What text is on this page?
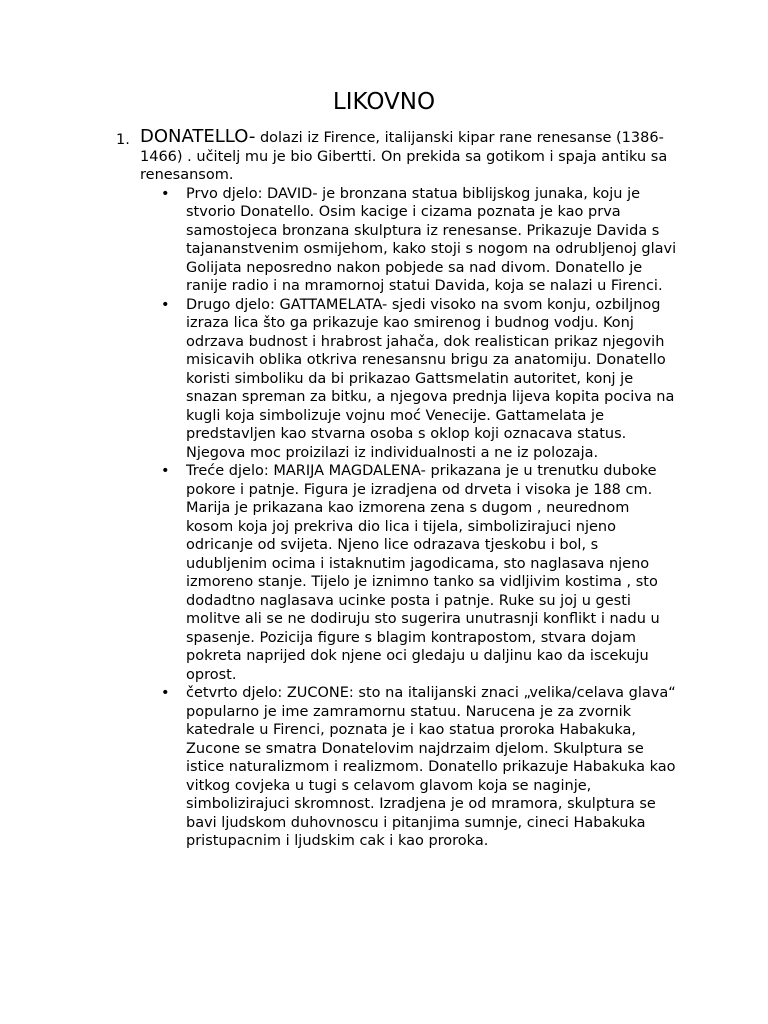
LIKOVNO
1. DONATELLO- dolazi iz Firence, italijanski kipar rane renesanse (1386-1466) . učitelj mu je bio Gibertti. On prekida sa gotikom i spaja antiku sa renesansom.

• Prvo djelo: DAVID- je bronzana statua biblijskog junaka, koju je stvorio Donatello. Osim kacige i cizama poznata je kao prva samostojeca bronzana skulptura iz renesanse. Prikazuje Davida s tajananstvenim osmijehom, kako stoji s nogom na odrubljenoj glavi Golijata neposredno nakon pobjede sa nad divom. Donatello je ranije radio i na mramornoj statui Davida, koja se nalazi u Firenci.

• Drugo djelo: GATTAMELATA- sjedi visoko na svom konju, ozbiljnog izraza lica što ga prikazuje kao smirenog i budnog vodju. Konj odrzava budnost i hrabrost jahača, dok realistican prikaz njegovih misicavih oblika otkriva renesansnu brigu za anatomiju. Donatello koristi simboliku da bi prikazao Gattsmelatin autoritet, konj je snazan spreman za bitku, a njegova prednja lijeva kopita pociva na kugli koja simbolizuje vojnu moć Venecije. Gattamelata je predstavljen kao stvarna osoba s oklop koji oznacava status. Njegova moc proizilazi iz individualnosti a ne iz polozaja.

• Treće djelo: MARIJA MAGDALENA- prikazana je u trenutku duboke pokore i patnje. Figura je izradjena od drveta i visoka je 188 cm. Marija je prikazana kao izmorena zena s dugom , neurednom kosom koja joj prekriva dio lica i tijela, simbolizirajuci njeno odricanje od svijeta. Njeno lice odrazava tjeskobu i bol, s udubljenim ocima i istaknutim jagodicama, sto naglasava njeno izmoreno stanje. Tijelo je iznimno tanko sa vidljivim kostima , sto dodadtno naglasava ucinke posta i patnje. Ruke su joj u gesti molitve ali se ne dodiruju sto sugerira unutrasnji konflikt i nadu u spasenje. Pozicija figure s blagim kontrapostom, stvara dojam pokreta naprijed dok njene oci gledaju u daljinu kao da iscekuju oprost.

• četvrto djelo: ZUCONE: sto na italijanski znaci „velika/celava glava“ popularno je ime zamramornu statuu. Narucena je za zvornik katedrale u Firenci, poznata je i kao statua proroka Habakuka, Zucone se smatra Donatelovim najdrzaim djelom. Skulptura se istice naturalizmom i realizmom. Donatello prikazuje Habakuka kao vitkog covjeka u tugi s celavom glavom koja se naginje, simbolizirajuci skromnost. Izradjena je od mramora, skulptura se bavi ljudskom duhovnoscu i pitanjima sumnje, cineci Habakuka pristupacnim i ljudskim cak i kao proroka.
